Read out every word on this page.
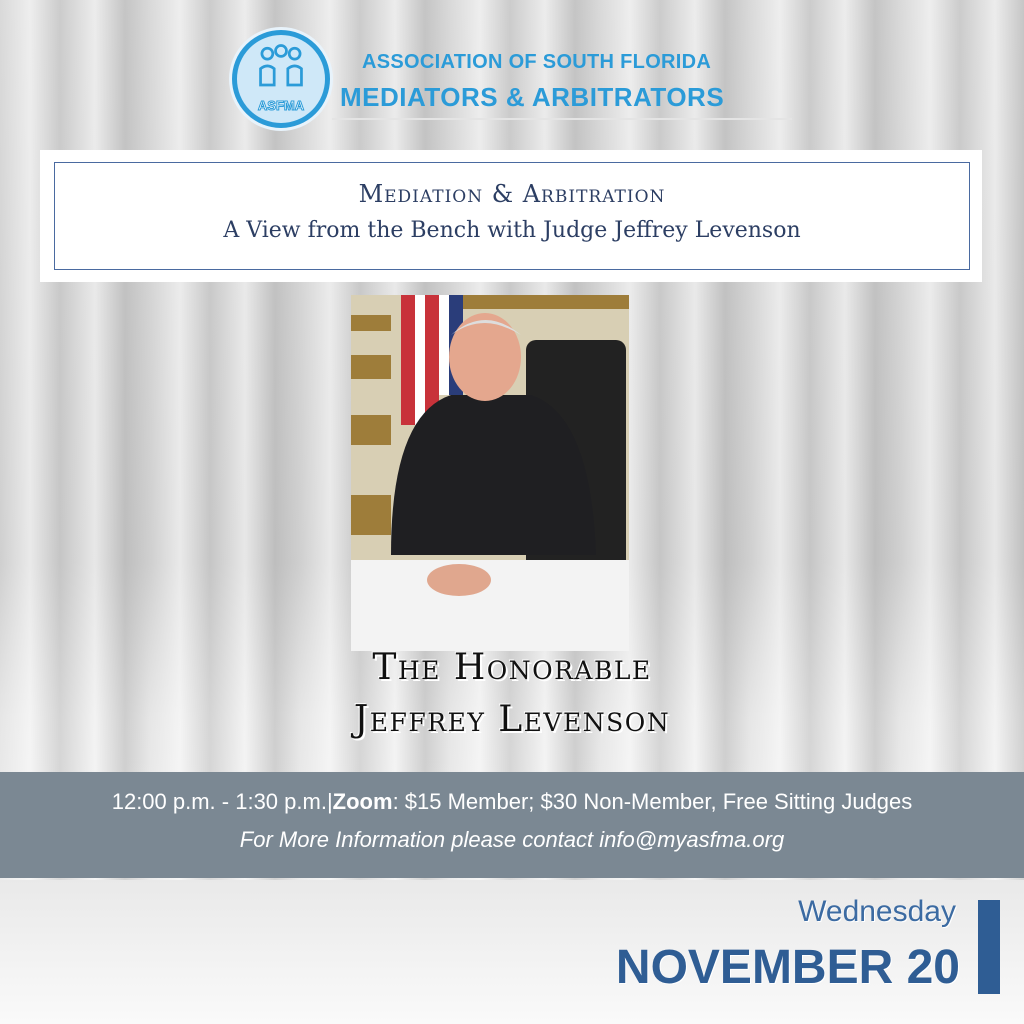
ASFMA
ASSOCIATION OF SOUTH FLORIDA
MEDIATORS & ARBITRATORS
Mediation & Arbitration
A View from the Bench with Judge Jeffrey Levenson
The Honorable
Jeffrey Levenson
12:00 p.m. - 1:30 p.m.|Zoom: $15 Member; $30 Non-Member, Free Sitting Judges
For More Information please contact info@myasfma.org
Wednesday
NOVEMBER 20
